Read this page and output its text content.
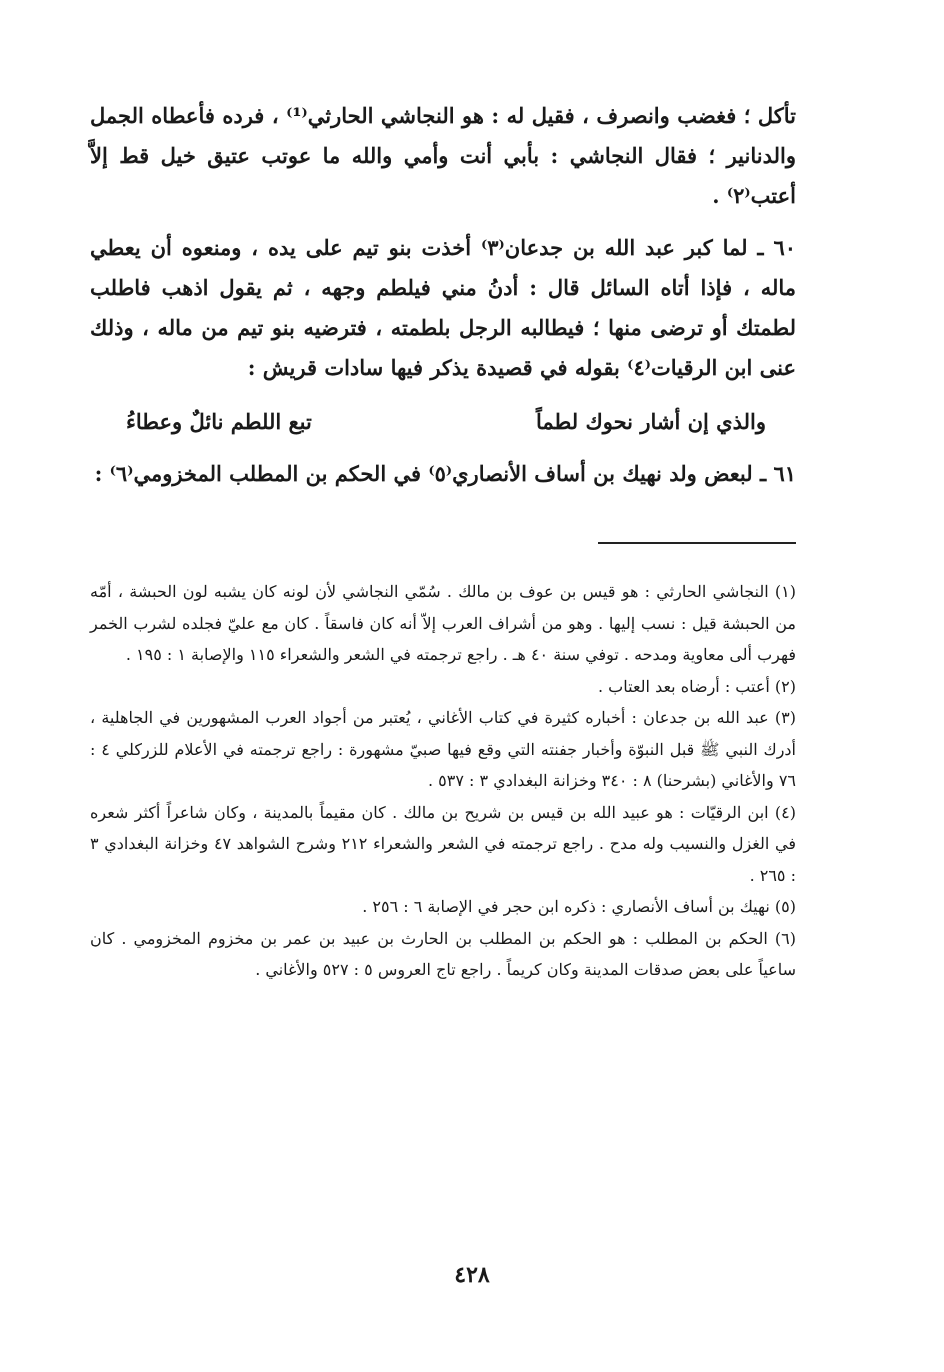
تأكل ؛ فغضب وانصرف ، فقيل له : هو النجاشي الحارثي⁽¹⁾ ، فرده فأعطاه الجمل والدنانير ؛ فقال النجاشي : بأبي أنت وأمي والله ما عوتب عتيق خيل قط إلاَّ أعتب⁽٢⁾ .

٦٠ ـ لما كبر عبد الله بن جدعان⁽٣⁾ أخذت بنو تيم على يده ، ومنعوه أن يعطي ماله ، فإذا أتاه السائل قال : أدنُ مني فيلطم وجهه ، ثم يقول اذهب فاطلب لطمتك أو ترضى منها ؛ فيطالبه الرجل بلطمته ، فترضيه بنو تيم من ماله ، وذلك عنى ابن الرقيات⁽٤⁾ بقوله في قصيدة يذكر فيها سادات قريش :

والذي إن أشار نحوك لطماً
تبع اللطم نائلٌ وعطاءُ

٦١ ـ لبعض ولد نهيك بن أساف الأنصاري⁽٥⁾ في الحكم بن المطلب المخزومي⁽٦⁾ :

(١) النجاشي الحارثي : هو قيس بن عوف بن مالك . سُمّي النجاشي لأن لونه كان يشبه لون الحبشة ، أمّه من الحبشة قيل : نسب إليها . وهو من أشراف العرب إلاّ أنه كان فاسقاً . كان مع عليّ فجلده لشرب الخمر فهرب ألى معاوية ومدحه . توفي سنة ٤٠ هـ . راجع ترجمته في الشعر والشعراء ١١٥ والإصابة ١ : ١٩٥ .

(٢) أعتب : أرضاه بعد العتاب .

(٣) عبد الله بن جدعان : أخباره كثيرة في كتاب الأغاني ، يُعتبر من أجواد العرب المشهورين في الجاهلية ، أدرك النبي ﷺ قبل النبوّة وأخبار جفنته التي وقع فيها صبيّ مشهورة : راجع ترجمته في الأعلام للزركلي ٤ : ٧٦ والأغاني (بشرحنا) ٨ : ٣٤٠ وخزانة البغدادي ٣ : ٥٣٧ .

(٤) ابن الرقيّات : هو عبيد الله بن قيس بن شريح بن مالك . كان مقيماً بالمدينة ، وكان شاعراً أكثر شعره في الغزل والنسيب وله مدح . راجع ترجمته في الشعر والشعراء ٢١٢ وشرح الشواهد ٤٧ وخزانة البغدادي ٣ : ٢٦٥ .

(٥) نهيك بن أساف الأنصاري : ذكره ابن حجر في الإصابة ٦ : ٢٥٦ .

(٦) الحكم بن المطلب : هو الحكم بن المطلب بن الحارث بن عبيد بن عمر بن مخزوم المخزومي . كان ساعياً على بعض صدقات المدينة وكان كريماً . راجع تاج العروس ٥ : ٥٢٧ والأغاني .

٤٢٨
